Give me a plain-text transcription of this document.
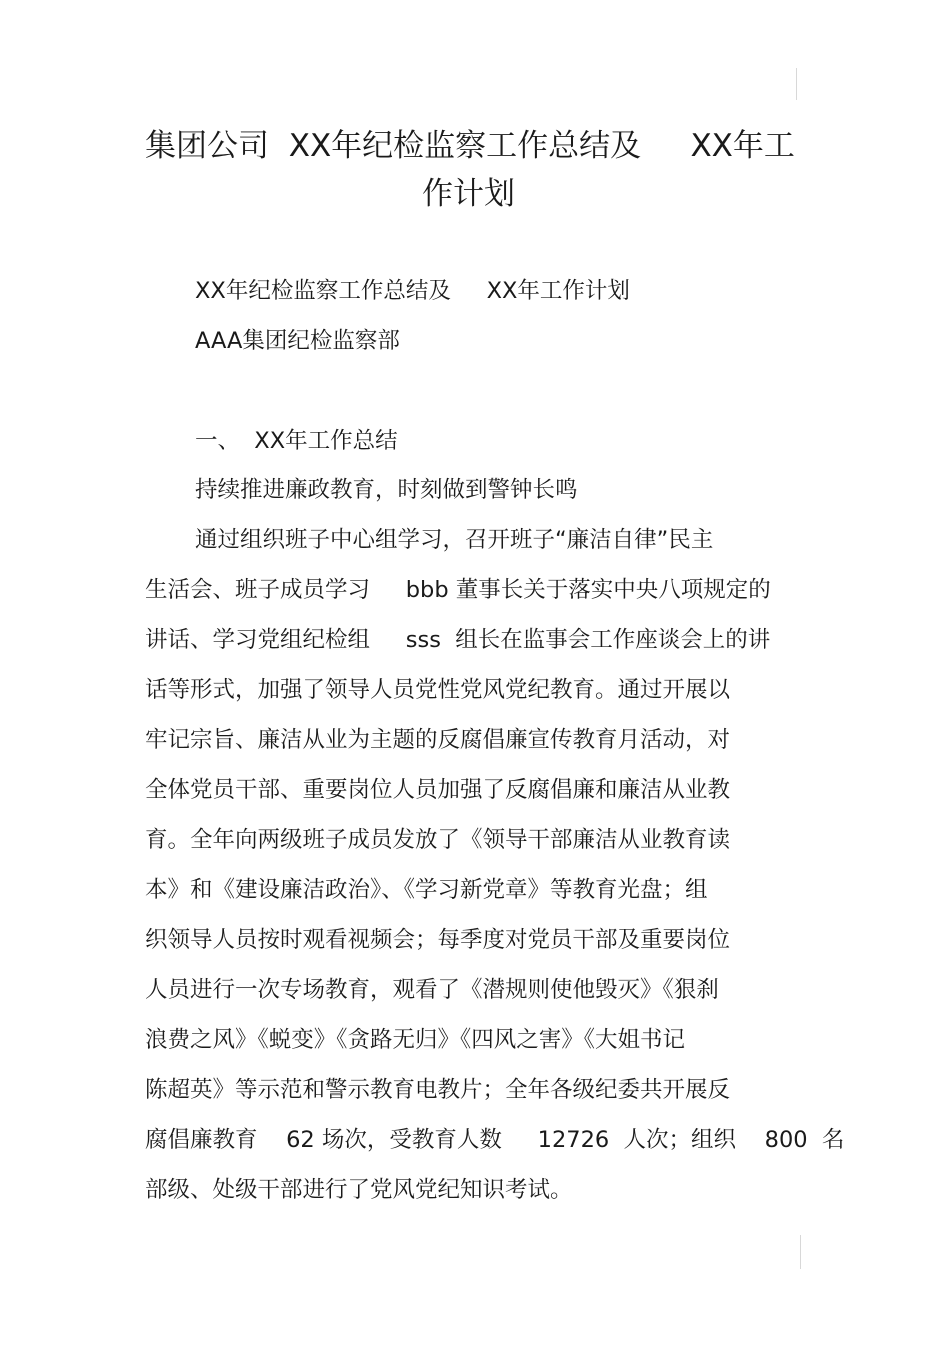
集团公司  XX年纪检监察工作总结及     XX年工
作计划
XX年纪检监察工作总结及     XX年工作计划
AAA集团纪检监察部
一、  XX年工作总结
持续推进廉政教育，时刻做到警钟长鸣
通过组织班子中心组学习，召开班子“廉洁自律”民主
生活会、班子成员学习     bbb 董事长关于落实中央八项规定的
讲话、学习党组纪检组     sss  组长在监事会工作座谈会上的讲
话等形式，加强了领导人员党性党风党纪教育。通过开展以
牢记宗旨、廉洁从业为主题的反腐倡廉宣传教育月活动，对
全体党员干部、重要岗位人员加强了反腐倡廉和廉洁从业教
育。全年向两级班子成员发放了《领导干部廉洁从业教育读
本》和《建设廉洁政治》、《学习新党章》等教育光盘；组
织领导人员按时观看视频会；每季度对党员干部及重要岗位
人员进行一次专场教育，观看了《潜规则使他毁灭》《狠刹
浪费之风》《蜕变》《贪路无归》《四风之害》《大姐书记
陈超英》等示范和警示教育电教片；全年各级纪委共开展反
腐倡廉教育    62 场次，受教育人数     12726  人次；组织    800  名
部级、处级干部进行了党风党纪知识考试。
